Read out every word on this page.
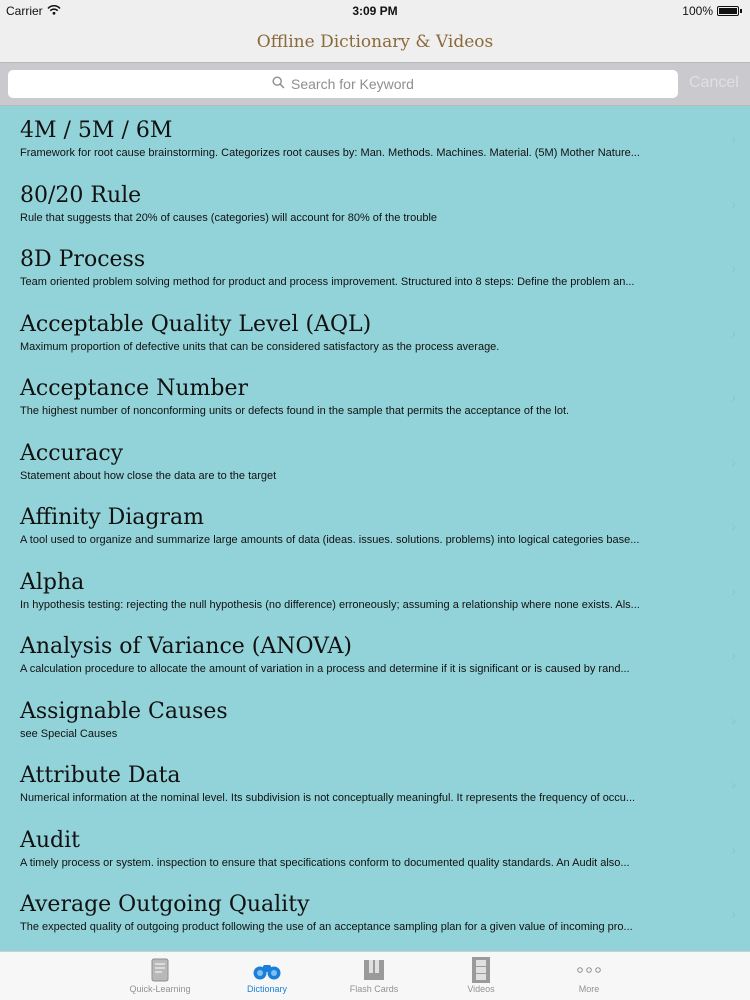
Carrier	3:09 PM	100%
Offline Dictionary & Videos
Search for Keyword	Cancel
4M / 5M / 6M
Framework for root cause brainstorming. Categorizes root causes by: Man. Methods. Machines. Material. (5M) Mother Nature...
›
80/20 Rule
Rule that suggests that 20% of causes (categories) will account for 80% of the trouble
›
8D Process
Team oriented problem solving method for product and process improvement. Structured into 8 steps: Define the problem an...
›
Acceptable Quality Level (AQL)
Maximum proportion of defective units that can be considered satisfactory as the process average.
›
Acceptance Number
The highest number of nonconforming units or defects found in the sample that permits the acceptance of the lot.
›
Accuracy
Statement about how close the data are to the target
›
Affinity Diagram
A tool used to organize and summarize large amounts of data (ideas. issues. solutions. problems) into logical categories base...
›
Alpha
In hypothesis testing: rejecting the null hypothesis (no difference) erroneously; assuming a relationship where none exists. Als...
›
Analysis of Variance (ANOVA)
A calculation procedure to allocate the amount of variation in a process and determine if it is significant or is caused by rand...
›
Assignable Causes
see Special Causes
›
Attribute Data
Numerical information at the nominal level. Its subdivision is not conceptually meaningful. It represents the frequency of occu...
›
Audit
A timely process or system. inspection to ensure that specifications conform to documented quality standards. An Audit also...
›
Average Outgoing Quality
The expected quality of outgoing product following the use of an acceptance sampling plan for a given value of incoming pro...
›
Quick-Learning	Dictionary	Flash Cards	Videos	More
